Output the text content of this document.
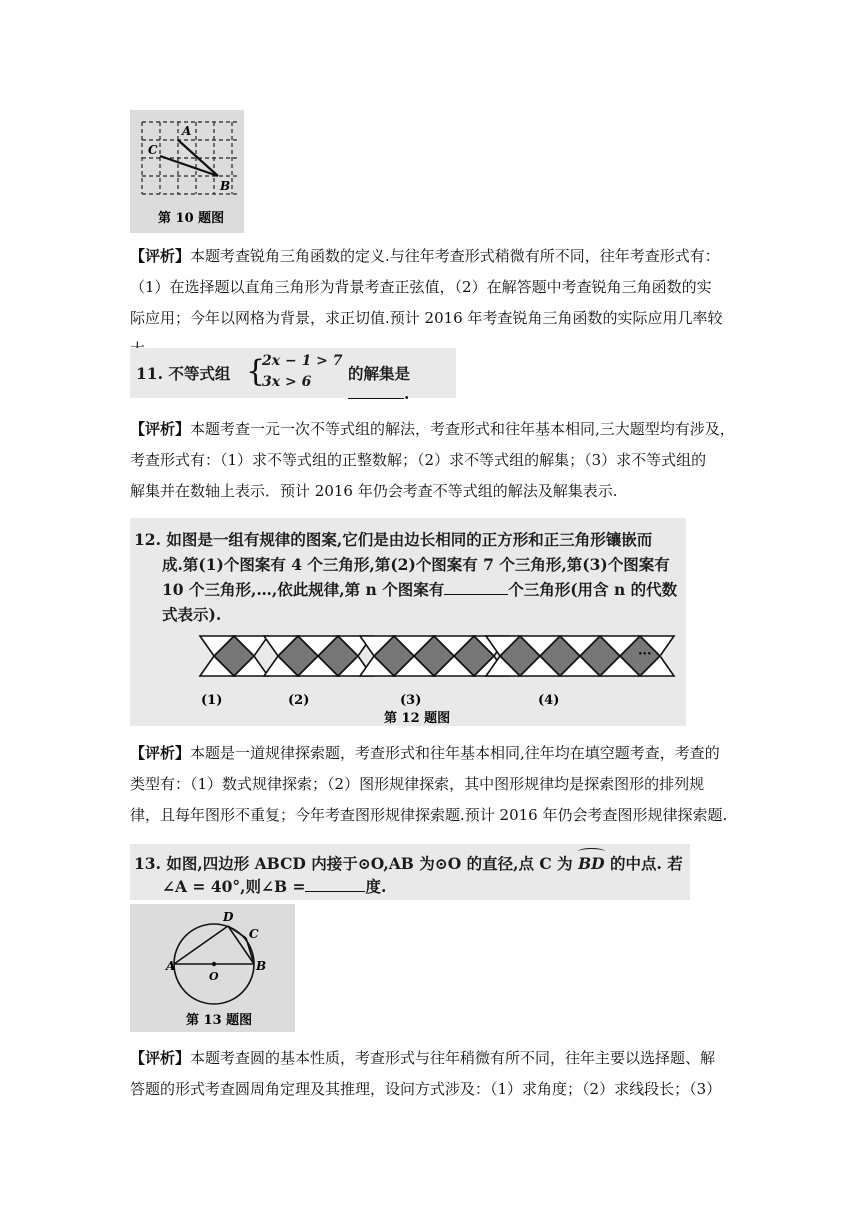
A
C
B
第 10 题图
【评析】本题考查锐角三角函数的定义.与往年考查形式稍微有所不同，往年考查形式有：
（1）在选择题以直角三角形为背景考查正弦值，（2）在解答题中考查锐角三角函数的实
际应用；今年以网格为背景，求正切值.预计 2016 年考查锐角三角函数的实际应用几率较
11. 不等式组 {
2x − 1 > 7
3x > 6 的解集是.
【评析】本题考查一元一次不等式组的解法，考查形式和往年基本相同,三大题型均有涉及，
考查形式有：（1）求不等式组的正整数解；（2）求不等式组的解集；（3）求不等式组的
解集并在数轴上表示．预计 2016 年仍会考查不等式组的解法及解集表示.
12. 如图是一组有规律的图案,它们是由边长相同的正方形和正三角形镶嵌而
成.第(1)个图案有 4 个三角形,第(2)个图案有 7 个三角形,第(3)个图案有
10 个三角形,…,依此规律,第 n 个图案有	个三角形(用含 n 的代数
式表示).
(1)	(2)	(3)	(4)
···
第 12 题图
【评析】本题是一道规律探索题，考查形式和往年基本相同,往年均在填空题考查，考查的
类型有：（1）数式规律探索；（2）图形规律探索，其中图形规律均是探索图形的排列规
律，且每年图形不重复；今年考查图形规律探索题.预计 2016 年仍会考查图形规律探索题.
13. 如图,四边形 ABCD 内接于⊙O,AB 为⊙O 的直径,点 C 为 BD 的中点. 若
∠A = 40°,则∠B =	度.
A	B
C
D
O
第 13 题图
【评析】本题考查圆的基本性质，考查形式与往年稍微有所不同，往年主要以选择题、解
答题的形式考查圆周角定理及其推理，设问方式涉及：（1）求角度；（2）求线段长；（3）
